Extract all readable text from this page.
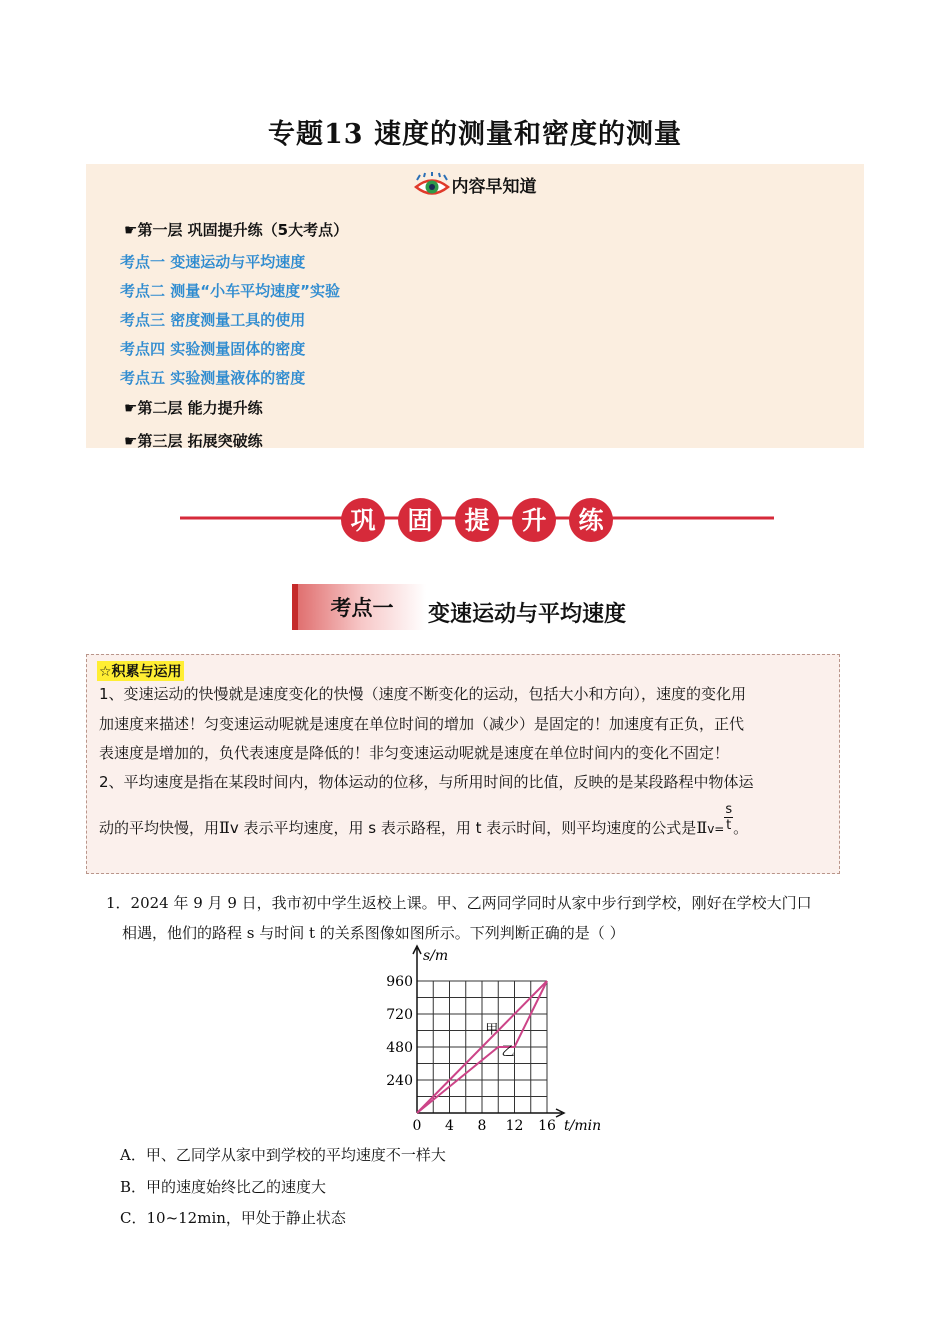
专题13 速度的测量和密度的测量
内容早知道
☛第一层 巩固提升练（5大考点）
考点一 变速运动与平均速度
考点二 测量“小车平均速度”实验
考点三 密度测量工具的使用
考点四 实验测量固体的密度
考点五 实验测量液体的密度
☛第二层 能力提升练
☛第三层 拓展突破练
巩 固 提 升 练
考点一 变速运动与平均速度
☆积累与运用
1、变速运动的快慢就是速度变化的快慢（速度不断变化的运动，包括大小和方向），速度的变化用
加速度来描述！匀变速运动呢就是速度在单位时间的增加（减少）是固定的！加速度有正负，正代
表速度是增加的，负代表速度是降低的！非匀变速运动呢就是速度在单位时间内的变化不固定！
2、平均速度是指在某段时间内，物体运动的位移，与所用时间的比值，反映的是某段路程中物体运
动的平均快慢，用Ⅱv 表示平均速度，用 s 表示路程，用 t 表示时间，则平均速度的公式是Ⅱv= $\frac{s}{t}$ 。
1．2024 年 9 月 9 日，我市初中学生返校上课。甲、乙两同学同时从家中步行到学校，刚好在学校大门口
相遇，他们的路程 s 与时间 t 的关系图像如图所示。下列判断正确的是（ ）
0 4 8 12 16
240
480
720
960
s/m
t/min
甲
乙
A．甲、乙同学从家中到学校的平均速度不一样大
B．甲的速度始终比乙的速度大
C．10~12min，甲处于静止状态
